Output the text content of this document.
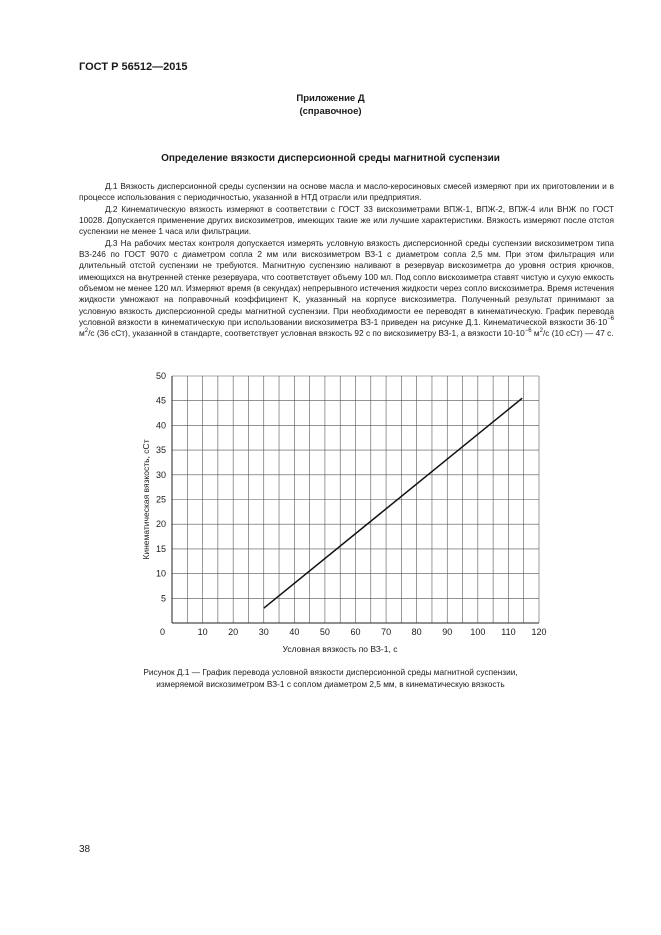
ГОСТ Р 56512—2015
Приложение Д
(справочное)
Определение вязкости дисперсионной среды магнитной суспензии

Д.1 Вязкость дисперсионной среды суспензии на основе масла и масло-керосиновых смесей измеряют при их приготовлении и в процессе использования с периодичностью, указанной в НТД отрасли или предприятия.

Д.2 Кинематическую вязкость измеряют в соответствии с ГОСТ 33 вискозиметрами ВПЖ-1, ВПЖ-2, ВПЖ-4 или ВНЖ по ГОСТ 10028. Допускается применение других вискозиметров, имеющих такие же или лучшие характеристики. Вязкость измеряют после отстоя суспензии не менее 1 часа или фильтрации.

Д.3 На рабочих местах контроля допускается измерять условную вязкость дисперсионной среды суспензии вискозиметром типа ВЗ-246 по ГОСТ 9070 с диаметром сопла 2 мм или вискозиметром ВЗ-1 с диаметром сопла 2,5 мм. При этом фильтрация или длительный отстой суспензии не требуются. Магнитную суспензию наливают в резервуар вискозиметра до уровня острия крючков, имеющихся на внутренней стенке резервуара, что соответствует объему 100 мл. Под сопло вискозиметра ставят чистую и сухую емкость объемом не менее 120 мл. Измеряют время (в секундах) непрерывного истечения жидкости через сопло вискозиметра. Время истечения жидкости умножают на поправочный коэффициент K, указанный на корпусе вискозиметра. Полученный результат принимают за условную вязкость дисперсионной среды магнитной суспензии. При необходимости ее переводят в кинематическую. График перевода условной вязкости в кинематическую при использовании вискозиметра ВЗ-1 приведен на рисунке Д.1. Кинематической вязкости $36\cdot 10^{-6}$ $м^2/с$ (36 сСт), указанной в стандарте, соответствует условная вязкость 92 с по вискозиметру ВЗ-1, а вязкости $10\cdot 10^{-6}$ $м^2/с$ (10 сСт) — 47 с.

10 20 30 40 50 60 70 80 90 100 110 120
5
10
15
20
25
30
35
40
45
50
0
Условная вязкость по ВЗ-1, с
Кинематическая вязкость, сСт
Рисунок Д.1 — График перевода условной вязкости дисперсионной среды магнитной суспензии,
измеряемой вискозиметром ВЗ-1 с соплом диаметром 2,5 мм, в кинематическую вязкость
38
